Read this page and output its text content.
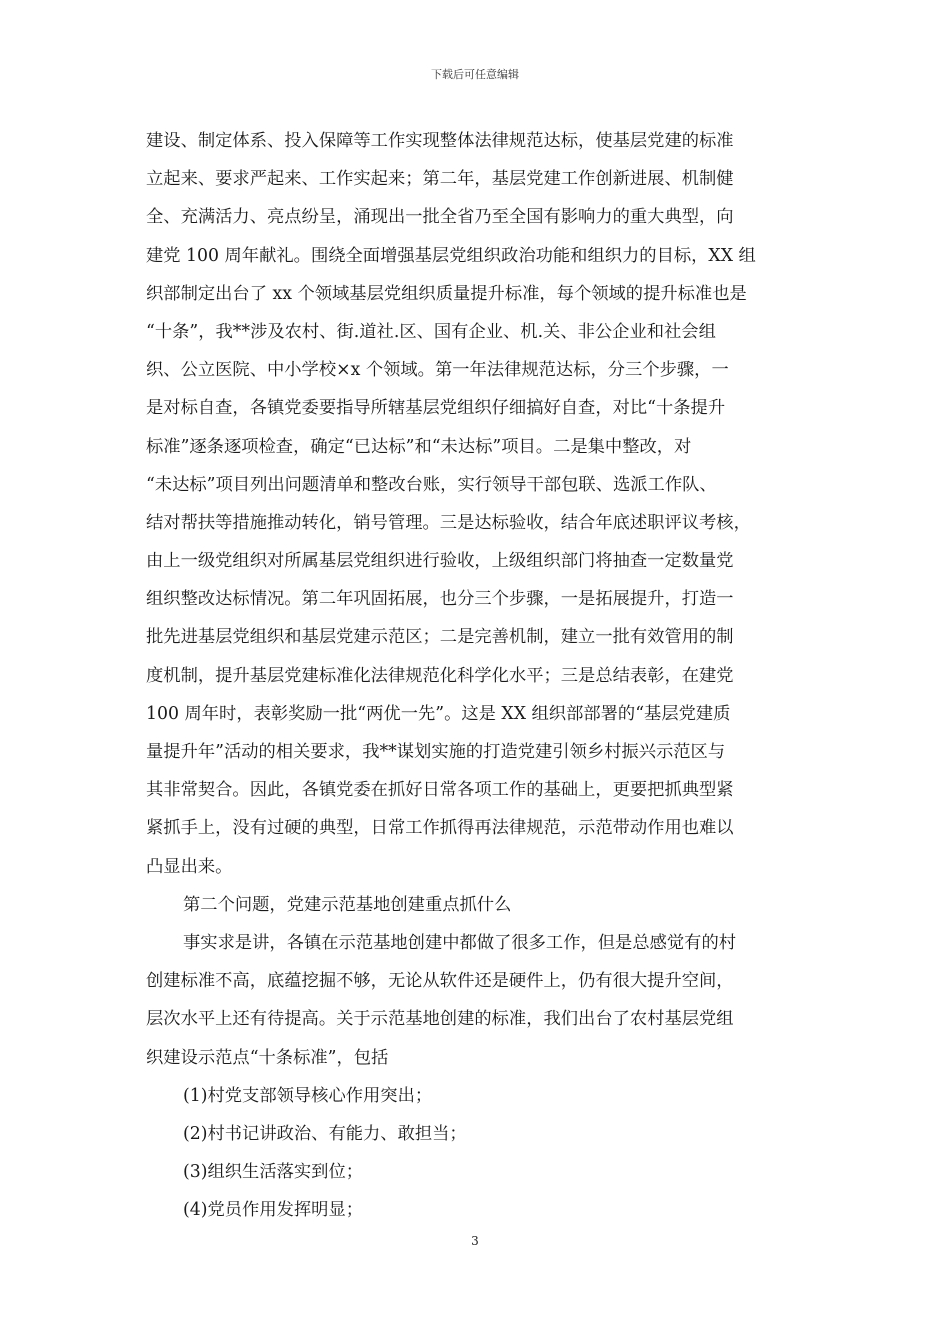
下载后可任意编辑
建设、制定体系、投入保障等工作实现整体法律规范达标，使基层党建的标准
立起来、要求严起来、工作实起来；第二年，基层党建工作创新进展、机制健
全、充满活力、亮点纷呈，涌现出一批全省乃至全国有影响力的重大典型，向
建党 100 周年献礼。围绕全面增强基层党组织政治功能和组织力的目标，XX 组
织部制定出台了 xx 个领域基层党组织质量提升标准，每个领域的提升标准也是
“十条”，我**涉及农村、街.道社.区、国有企业、机.关、非公企业和社会组
织、公立医院、中小学校×x 个领域。第一年法律规范达标，分三个步骤，一
是对标自查，各镇党委要指导所辖基层党组织仔细搞好自查，对比“十条提升
标准”逐条逐项检查，确定“已达标”和“未达标”项目。二是集中整改，对
“未达标”项目列出问题清单和整改台账，实行领导干部包联、选派工作队、
结对帮扶等措施推动转化，销号管理。三是达标验收，结合年底述职评议考核，
由上一级党组织对所属基层党组织进行验收，上级组织部门将抽查一定数量党
组织整改达标情况。第二年巩固拓展，也分三个步骤，一是拓展提升，打造一
批先进基层党组织和基层党建示范区；二是完善机制，建立一批有效管用的制
度机制，提升基层党建标准化法律规范化科学化水平；三是总结表彰，在建党
100 周年时，表彰奖励一批“两优一先”。这是 XX 组织部部署的“基层党建质
量提升年”活动的相关要求，我**谋划实施的打造党建引领乡村振兴示范区与
其非常契合。因此，各镇党委在抓好日常各项工作的基础上，更要把抓典型紧
紧抓手上，没有过硬的典型，日常工作抓得再法律规范，示范带动作用也难以
凸显出来。
第二个问题，党建示范基地创建重点抓什么
事实求是讲，各镇在示范基地创建中都做了很多工作，但是总感觉有的村
创建标准不高，底蕴挖掘不够，无论从软件还是硬件上，仍有很大提升空间，
层次水平上还有待提高。关于示范基地创建的标准，我们出台了农村基层党组
织建设示范点“十条标准”，包括
(1)村党支部领导核心作用突出；
(2)村书记讲政治、有能力、敢担当；
(3)组织生活落实到位；
(4)党员作用发挥明显；
3
